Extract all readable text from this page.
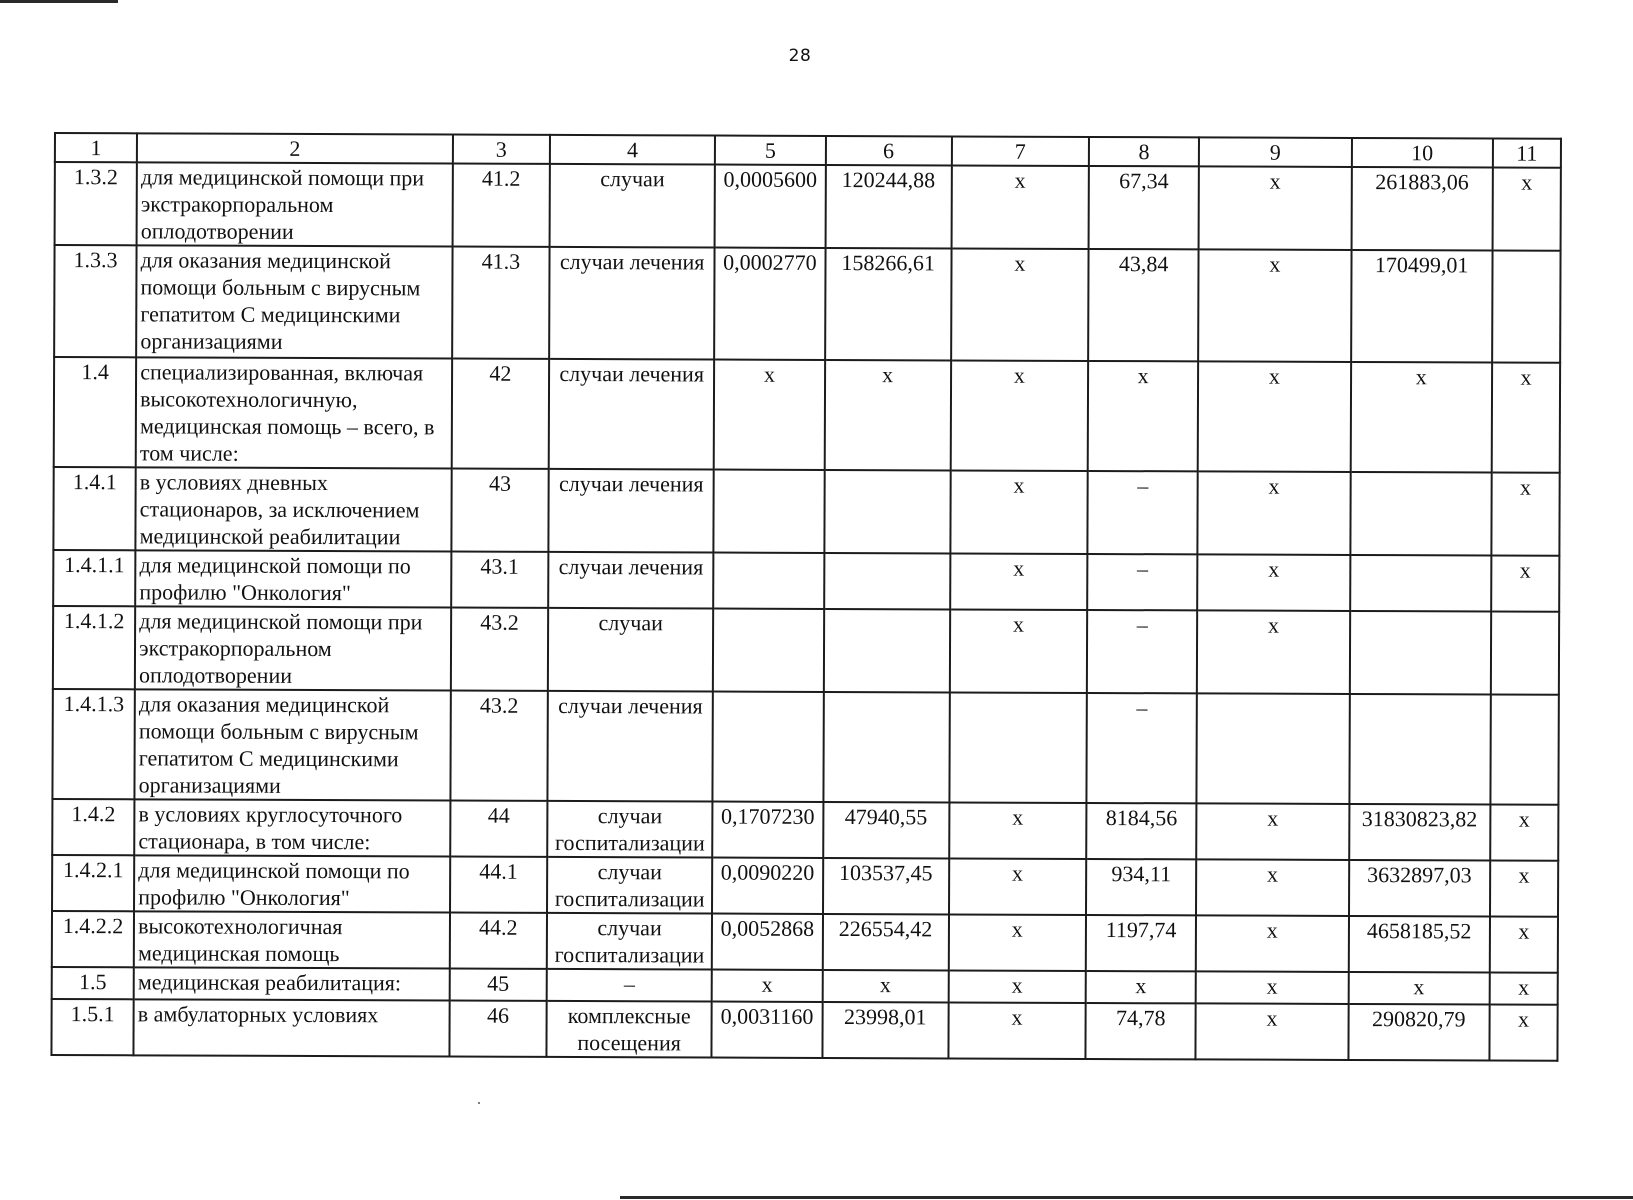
28
1	2	3	4	5	6	7	8	9	10	11
1.3.2	для медицинской помощи при экстракорпоральном оплодотворении	41.2	случаи	0,0005600	120244,88	х	67,34	х	261883,06	х
1.3.3	для оказания медицинской помощи больным с вирусным гепатитом С медицинскими организациями	41.3	случаи лечения	0,0002770	158266,61	х	43,84	х	170499,01	
1.4	специализированная, включая высокотехнологичную, медицинская помощь – всего, в том числе:	42	случаи лечения	х	х	х	х	х	х	х
1.4.1	в условиях дневных стационаров, за исключением медицинской реабилитации	43	случаи лечения			х	–	х		х
1.4.1.1	для медицинской помощи по профилю "Онкология"	43.1	случаи лечения			х	–	х		х
1.4.1.2	для медицинской помощи при экстракорпоральном оплодотворении	43.2	случаи			х	–	х		
1.4.1.3	для оказания медицинской помощи больным с вирусным гепатитом С медицинскими организациями	43.2	случаи лечения				–			
1.4.2	в условиях круглосуточного стационара, в том числе:	44	случаи госпитализации	0,1707230	47940,55	х	8184,56	х	31830823,82	х
1.4.2.1	для медицинской помощи по профилю "Онкология"	44.1	случаи госпитализации	0,0090220	103537,45	х	934,11	х	3632897,03	х
1.4.2.2	высокотехнологичная медицинская помощь	44.2	случаи госпитализации	0,0052868	226554,42	х	1197,74	х	4658185,52	х
1.5	медицинская реабилитация:	45	–	х	х	х	х	х	х	х
1.5.1	в амбулаторных условиях	46	комплексные посещения	0,0031160	23998,01	х	74,78	х	290820,79	х
